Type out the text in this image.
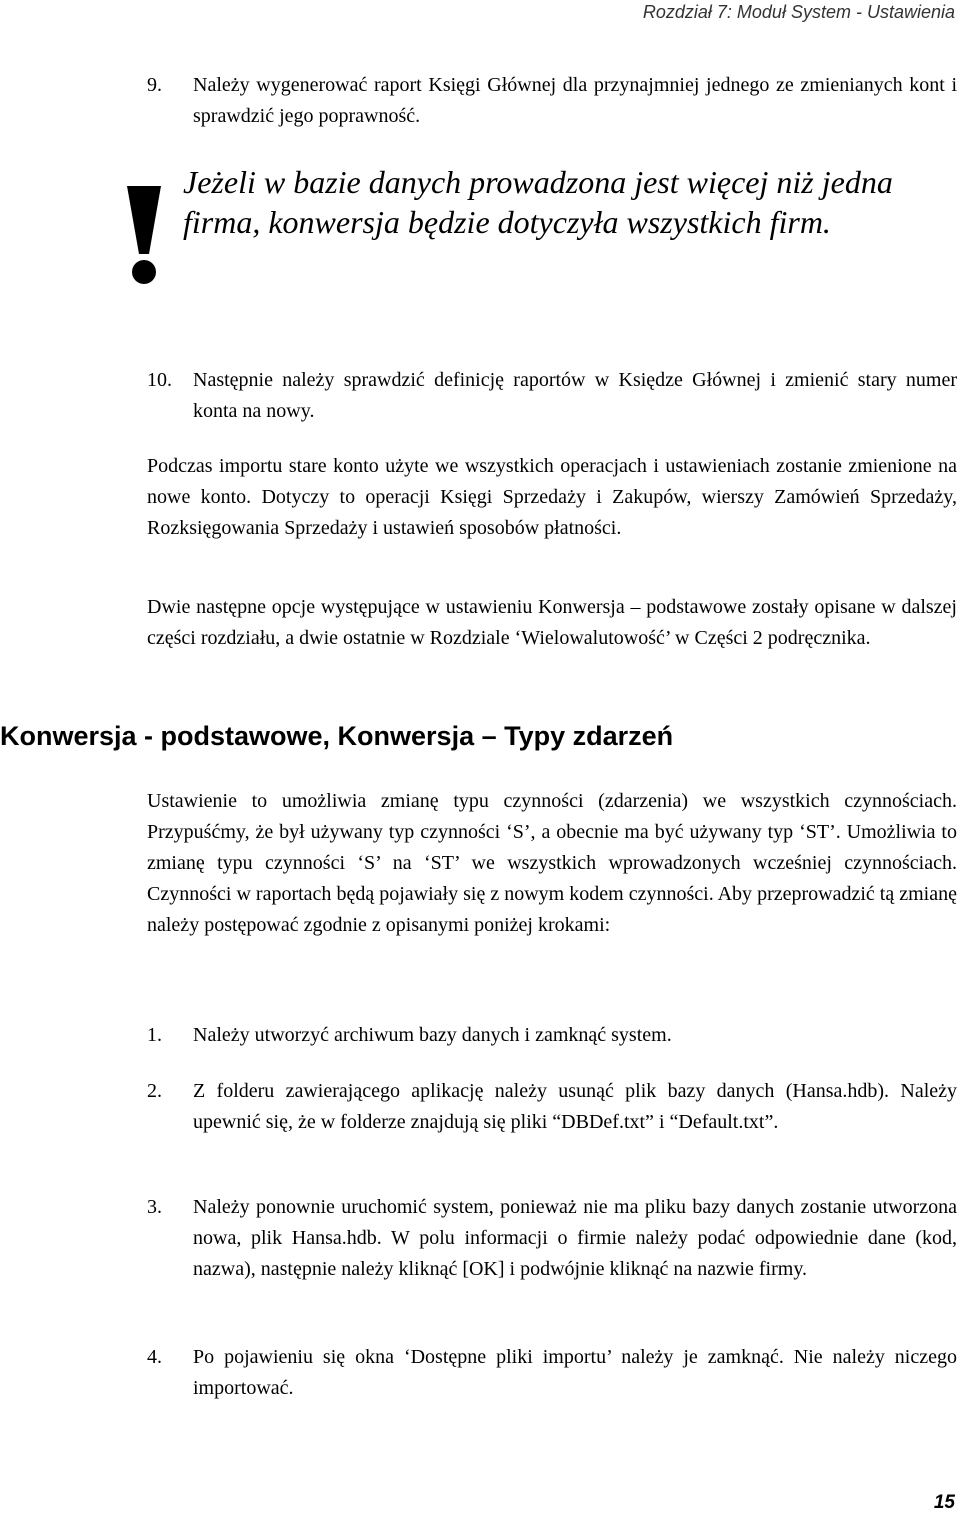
Rozdział 7: Moduł System - Ustawienia
9. Należy wygenerować raport Księgi Głównej dla przynajmniej jednego ze zmienianych kont i sprawdzić jego poprawność.

Jeżeli w bazie danych prowadzona jest więcej niż jedna firma, konwersja będzie dotyczyła wszystkich firm.

10. Następnie należy sprawdzić definicję raportów w Księdze Głównej i zmienić stary numer konta na nowy.

Podczas importu stare konto użyte we wszystkich operacjach i ustawieniach zostanie zmienione na nowe konto. Dotyczy to operacji Księgi Sprzedaży i Zakupów, wierszy Zamówień Sprzedaży, Rozksięgowania Sprzedaży i ustawień sposobów płatności.

Dwie następne opcje występujące w ustawieniu Konwersja – podstawowe zostały opisane w dalszej części rozdziału, a dwie ostatnie w Rozdziale ‘Wielowalutowość’ w Części 2 podręcznika.

Konwersja - podstawowe, Konwersja – Typy zdarzeń

Ustawienie to umożliwia zmianę typu czynności (zdarzenia) we wszystkich czynnościach. Przypuśćmy, że był używany typ czynności ‘S’, a obecnie ma być używany typ ‘ST’. Umożliwia to zmianę typu czynności ‘S’ na ‘ST’ we wszystkich wprowadzonych wcześniej czynnościach. Czynności w raportach będą pojawiały się z nowym kodem czynności. Aby przeprowadzić tą zmianę należy postępować zgodnie z opisanymi poniżej krokami:

1. Należy utworzyć archiwum bazy danych i zamknąć system.
2. Z folderu zawierającego aplikację należy usunąć plik bazy danych (Hansa.hdb). Należy upewnić się, że w folderze znajdują się pliki “DBDef.txt” i “Default.txt”.
3. Należy ponownie uruchomić system, ponieważ nie ma pliku bazy danych zostanie utworzona nowa, plik Hansa.hdb. W polu informacji o firmie należy podać odpowiednie dane (kod, nazwa), następnie należy kliknąć [OK] i podwójnie kliknąć na nazwie firmy.
4. Po pojawieniu się okna ‘Dostępne pliki importu’ należy je zamknąć. Nie należy niczego importować.
15
